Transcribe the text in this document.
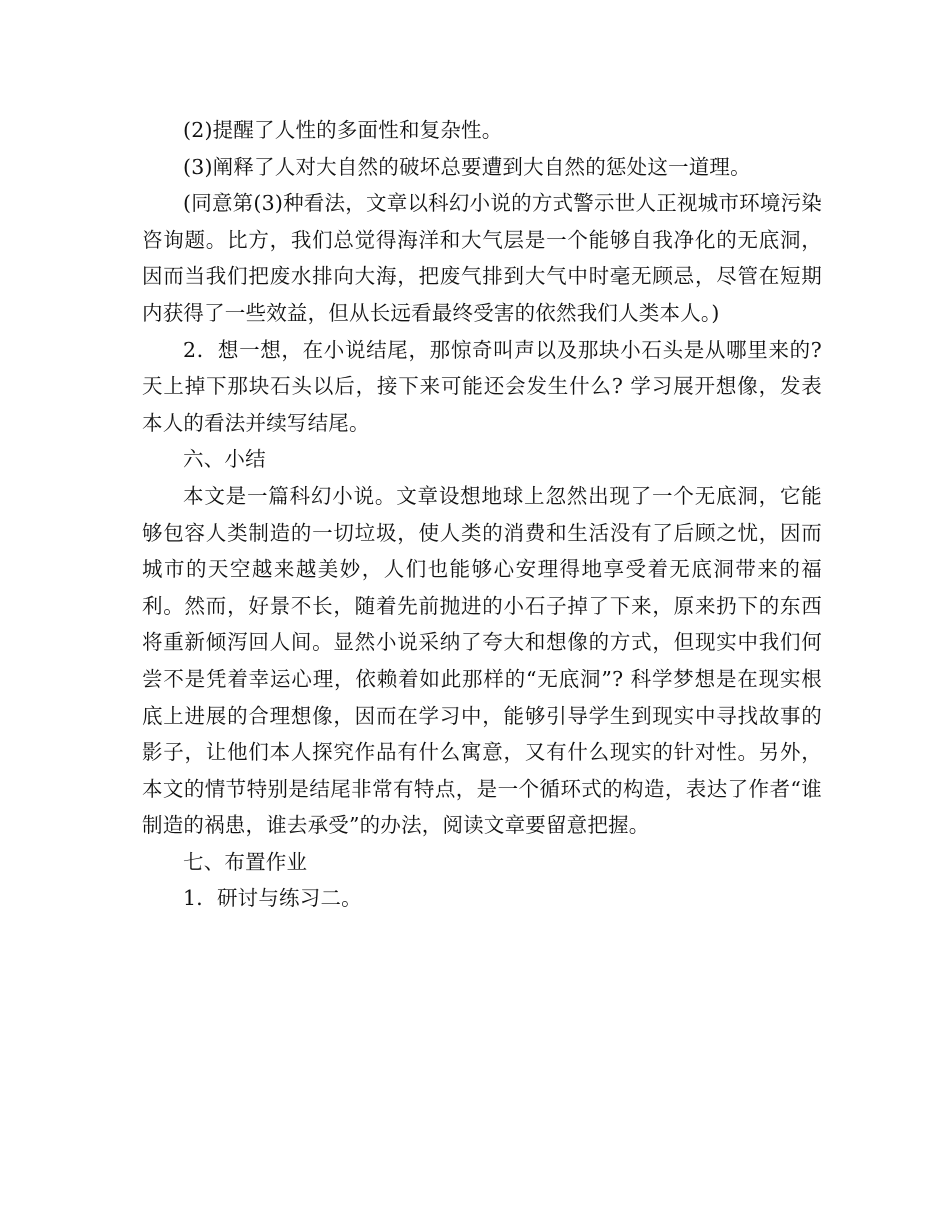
(2)提醒了人性的多面性和复杂性。

(3)阐释了人对大自然的破坏总要遭到大自然的惩处这一道理。

(同意第(3)种看法，文章以科幻小说的方式警示世人正视城市环境污染咨询题。比方，我们总觉得海洋和大气层是一个能够自我净化的无底洞，因而当我们把废水排向大海，把废气排到大气中时毫无顾忌，尽管在短期内获得了一些效益，但从长远看最终受害的依然我们人类本人。)

2．想一想，在小说结尾，那惊奇叫声以及那块小石头是从哪里来的?天上掉下那块石头以后，接下来可能还会发生什么? 学习展开想像，发表本人的看法并续写结尾。

六、小结

本文是一篇科幻小说。文章设想地球上忽然出现了一个无底洞，它能够包容人类制造的一切垃圾，使人类的消费和生活没有了后顾之忧，因而城市的天空越来越美妙，人们也能够心安理得地享受着无底洞带来的福利。然而，好景不长，随着先前抛进的小石子掉了下来，原来扔下的东西将重新倾泻回人间。显然小说采纳了夸大和想像的方式，但现实中我们何尝不是凭着幸运心理，依赖着如此那样的“无底洞”? 科学梦想是在现实根底上进展的合理想像，因而在学习中，能够引导学生到现实中寻找故事的影子，让他们本人探究作品有什么寓意，又有什么现实的针对性。另外，本文的情节特别是结尾非常有特点，是一个循环式的构造，表达了作者“谁制造的祸患，谁去承受”的办法，阅读文章要留意把握。

七、布置作业

1．研讨与练习二。
